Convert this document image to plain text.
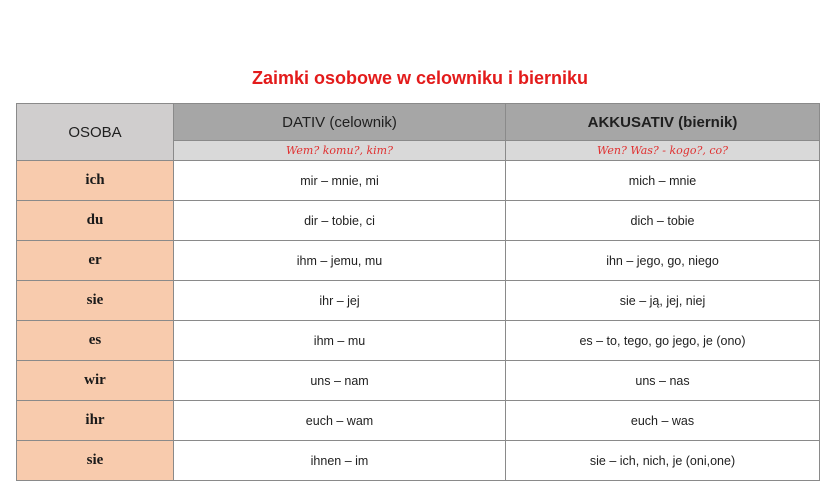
Zaimki osobowe w celowniku i bierniku
OSOBA	DATIV (celownik)	AKKUSATIV (biernik)
	Wem? komu?, kim?	Wen? Was? - kogo?, co?
ich	mir – mnie, mi	mich – mnie
du	dir – tobie, ci	dich – tobie
er	ihm – jemu, mu	ihn – jego, go, niego
sie	ihr – jej	sie – ją, jej, niej
es	ihm – mu	es – to, tego, go jego, je (ono)
wir	uns – nam	uns – nas
ihr	euch – wam	euch – was
sie	ihnen – im	sie – ich, nich, je (oni,one)
